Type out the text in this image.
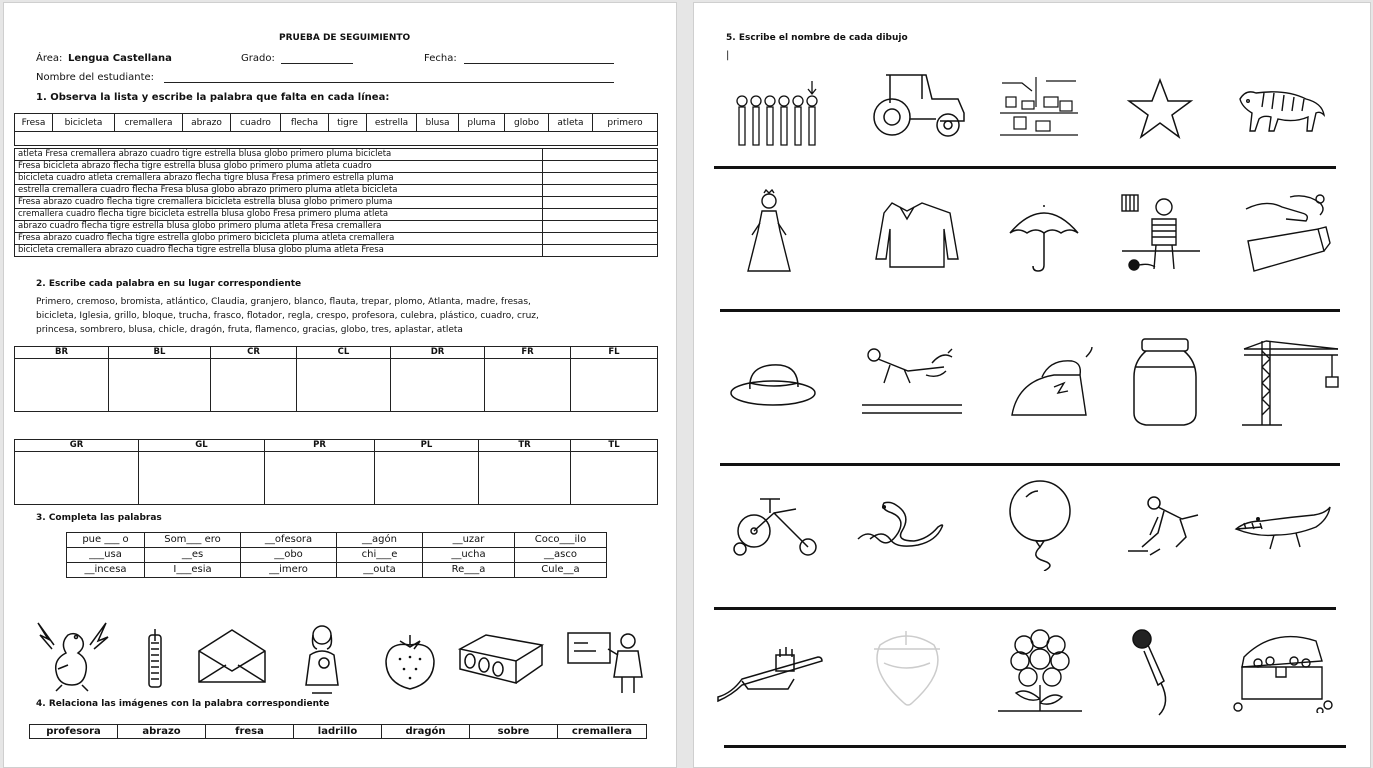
PRUEBA DE SEGUIMIENTO
Área: Lengua Castellana	Grado:	Fecha:
Nombre del estudiante:
1. Observa la lista y escribe la palabra que falta en cada línea:
Fresa	bicicleta	cremallera	abrazo	cuadro	flecha	tigre	estrella	blusa	pluma	globo	atleta	primero

atleta Fresa cremallera abrazo cuadro tigre estrella blusa globo primero pluma bicicleta	
Fresa bicicleta abrazo flecha tigre estrella blusa globo primero pluma atleta cuadro	
bicicleta cuadro atleta cremallera abrazo flecha tigre blusa Fresa primero estrella pluma	
estrella cremallera cuadro flecha Fresa blusa globo abrazo primero pluma atleta bicicleta	
Fresa abrazo cuadro flecha tigre cremallera bicicleta estrella blusa globo primero pluma	
cremallera cuadro flecha tigre bicicleta estrella blusa globo Fresa primero pluma atleta	
abrazo cuadro flecha tigre estrella blusa globo primero pluma atleta Fresa cremallera	
Fresa abrazo cuadro flecha tigre estrella globo primero bicicleta pluma atleta cremallera	
bicicleta cremallera abrazo cuadro flecha tigre estrella blusa globo pluma atleta Fresa	
2. Escribe cada palabra en su lugar correspondiente
Primero, cremoso, bromista, atlántico, Claudia, granjero, blanco, flauta, trepar, plomo, Atlanta, madre, fresas,
bicicleta, Iglesia, grillo, bloque, trucha, frasco, flotador, regla, crespo, profesora, culebra, plástico, cuadro, cruz,
princesa, sombrero, blusa, chicle, dragón, fruta, flamenco, gracias, globo, tres, aplastar, atleta
BR	BL	CR	CL	DR	FR	FL

GR	GL	PR	PL	TR	TL

3. Completa las palabras
pue ___ o	Som___ ero	__ofesora	__agón	__uzar	Coco___ilo
___usa	__es	__obo	chi___e	__ucha	__asco
__incesa	I___esia	__imero	__outa	Re___a	Cule__a
4. Relaciona las imágenes con la palabra correspondiente
profesora	abrazo	fresa	ladrillo	dragón	sobre	cremallera
5. Escribe el nombre de cada dibujo
|
